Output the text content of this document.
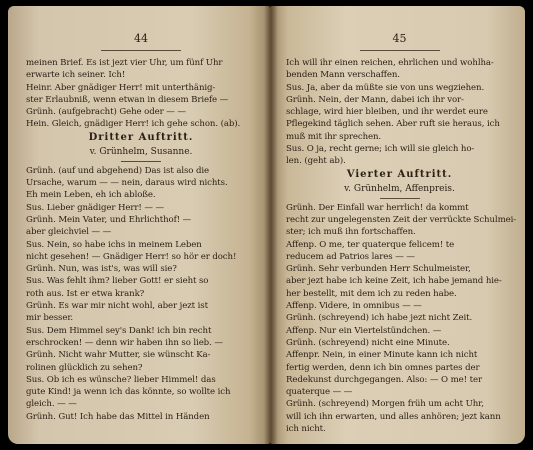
44
meinen Brief. Es ist jezt vier Uhr, um fünf Uhr
erwarte ich seiner. Ich!
Heinr. Aber gnädiger Herr! mit unterthänig-
ster Erlaubniß, wenn etwan in diesem Briefe —
Grünh. (aufgebracht) Gehe oder — —
Hein. Gleich, gnädiger Herr! ich gehe schon. (ab).
Dritter Auftritt.
v. Grünhelm, Susanne.
Grünh. (auf und abgehend) Das ist also die
Ursache, warum — — nein, daraus wird nichts.
Eh mein Leben, eh ich abloße.
Sus. Lieber gnädiger Herr! — —
Grünh. Mein Vater, und Ehrlichthof! —
aber gleichviel — —
Sus. Nein, so habe ichs in meinem Leben
nicht gesehen! — Gnädiger Herr! so hör er doch!
Grünh. Nun, was ist's, was will sie?
Sus. Was fehlt ihm? lieber Gott! er sieht so
roth aus. Ist er etwa krank?
Grünh. Es war mir nicht wohl, aber jezt ist
mir besser.
Sus. Dem Himmel sey's Dank! ich bin recht
erschrocken! — denn wir haben ihn so lieb. —
Grünh. Nicht wahr Mutter, sie wünscht Ka-
rolinen glücklich zu sehen?
Sus. Ob ich es wünsche? lieber Himmel! das
gute Kind! ja wenn ich das könnte, so wollte ich
gleich. — —
Grünh. Gut! Ich habe das Mittel in Händen
45
Ich will ihr einen reichen, ehrlichen und wohlha-
benden Mann verschaffen.
Sus. Ja, aber da müßte sie von uns wegziehen.
Grünh. Nein, der Mann, dabei ich ihr vor-
schlage, wird hier bleiben, und ihr werdet eure
Pflegekind täglich sehen. Aber ruft sie heraus, ich
muß mit ihr sprechen.
Sus. O ja, recht gerne; ich will sie gleich ho-
len. (geht ab).
Vierter Auftritt.
v. Grünhelm, Affenpreis.
Grünh. Der Einfall war herrlich! da kommt
recht zur ungelegensten Zeit der verrückte Schulmei-
ster; ich muß ihn fortschaffen.
Affenp. O me, ter quaterque felicem! te
reducem ad Patrios lares — —
Grünh. Sehr verbunden Herr Schulmeister,
aber jezt habe ich keine Zeit, ich habe jemand hie-
her bestellt, mit dem ich zu reden habe.
Affenp. Videre, in omnibus — —
Grünh. (schreyend) ich habe jezt nicht Zeit.
Affenp. Nur ein Viertelstündchen. —
Grünh. (schreyend) nicht eine Minute.
Affenpr. Nein, in einer Minute kann ich nicht
fertig werden, denn ich bin omnes partes der
Redekunst durchgegangen. Also: — O me! ter
quaterque — —
Grünh. (schreyend) Morgen früh um acht Uhr,
will ich ihn erwarten, und alles anhören; jezt kann
ich nicht.
